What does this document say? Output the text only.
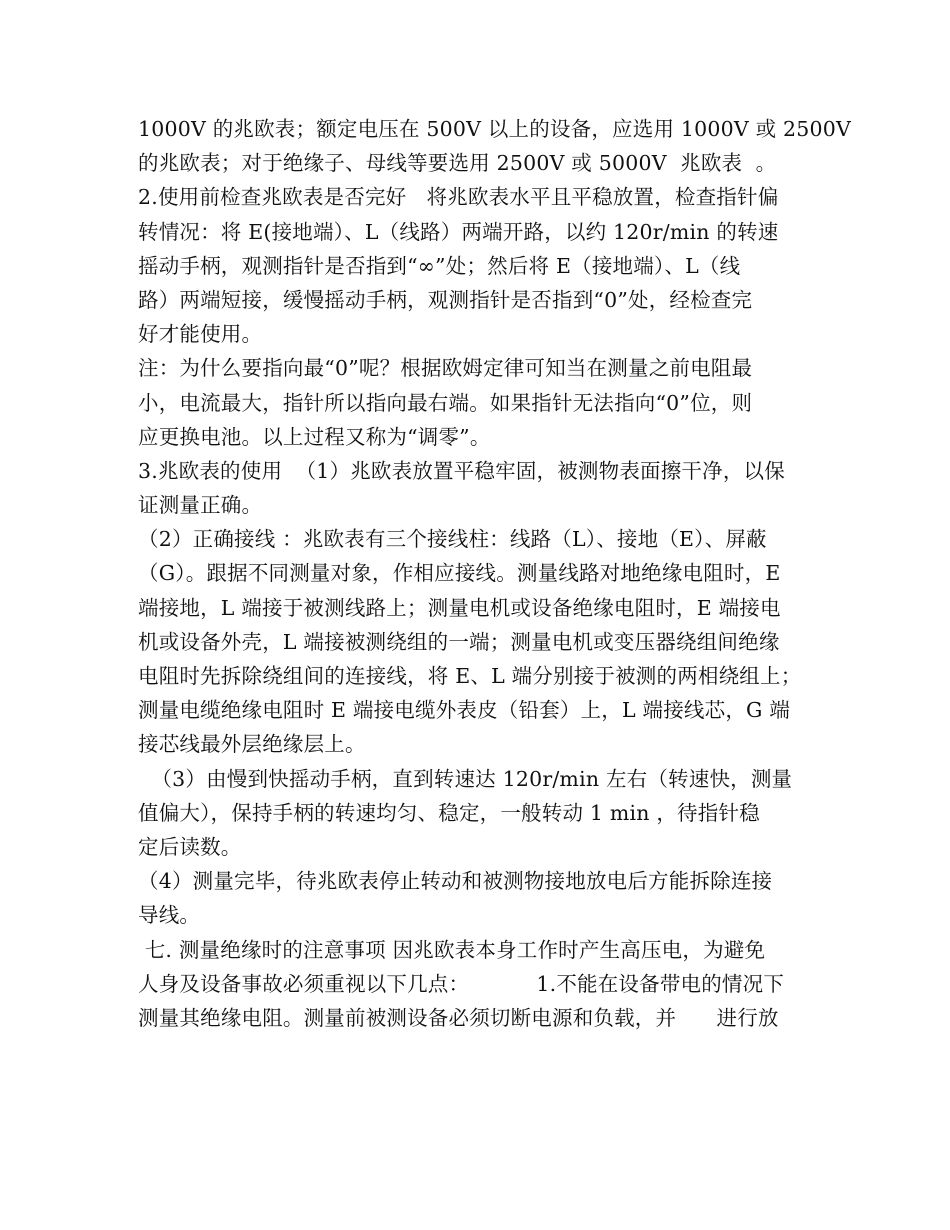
1000V 的兆欧表；额定电压在 500V 以上的设备，应选用 1000V 或 2500V
的兆欧表；对于绝缘子、母线等要选用 2500V 或 5000V  兆欧表  。
2.使用前检查兆欧表是否完好   将兆欧表水平且平稳放置，检查指针偏
转情况：将 E(接地端）、L（线路）两端开路，以约 120r/min 的转速
摇动手柄，观测指针是否指到“∞”处；然后将 E（接地端）、L（线
路）两端短接，缓慢摇动手柄，观测指针是否指到“0”处，经检查完
好才能使用。
注：为什么要指向最“0”呢？根据欧姆定律可知当在测量之前电阻最
小，电流最大，指针所以指向最右端。如果指针无法指向“0”位，则
应更换电池。以上过程又称为“调零”。
3.兆欧表的使用  （1）兆欧表放置平稳牢固，被测物表面擦干净，以保
证测量正确。
（2）正确接线 ：兆欧表有三个接线柱：线路（L）、接地（E）、屏蔽
（G）。跟据不同测量对象，作相应接线。测量线路对地绝缘电阻时，E
端接地，L 端接于被测线路上；测量电机或设备绝缘电阻时，E 端接电
机或设备外壳，L 端接被测绕组的一端；测量电机或变压器绕组间绝缘
电阻时先拆除绕组间的连接线，将 E、L 端分别接于被测的两相绕组上；
测量电缆绝缘电阻时 E 端接电缆外表皮（铅套）上，L 端接线芯，G 端
接芯线最外层绝缘层上。
（3）由慢到快摇动手柄，直到转速达 120r/min 左右（转速快，测量
值偏大），保持手柄的转速均匀、稳定，一般转动 1 min ，待指针稳
定后读数。
（4）测量完毕，待兆欧表停止转动和被测物接地放电后方能拆除连接
导线。
七. 测量绝缘时的注意事项 因兆欧表本身工作时产生高压电，为避免
人身及设备事故必须重视以下几点：          1.不能在设备带电的情况下
测量其绝缘电阻。测量前被测设备必须切断电源和负载，并      进行放
